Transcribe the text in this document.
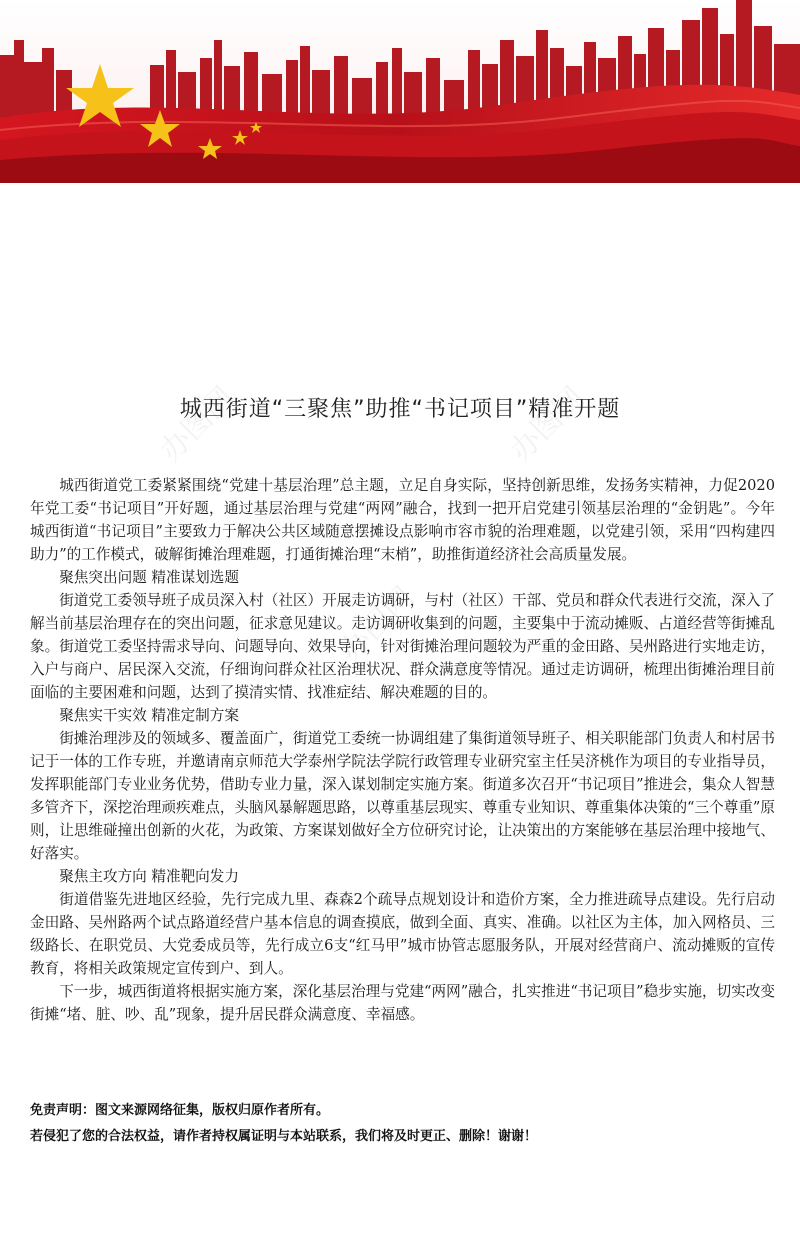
办图网	办图网
办图网
城西街道“三聚焦”助推“书记项目”精准开题

城西街道党工委紧紧围绕“党建十基层治理”总主题，立足自身实际，坚持创新思维，发扬务实精神，力促2020年党工委“书记项目”开好题，通过基层治理与党建“两网”融合，找到一把开启党建引领基层治理的“金钥匙”。今年城西街道“书记项目”主要致力于解决公共区域随意摆摊设点影响市容市貌的治理难题，以党建引领，采用“四构建四助力”的工作模式，破解街摊治理难题，打通街摊治理“末梢”，助推街道经济社会高质量发展。

聚焦突出问题 精准谋划选题

街道党工委领导班子成员深入村（社区）开展走访调研，与村（社区）干部、党员和群众代表进行交流，深入了解当前基层治理存在的突出问题，征求意见建议。走访调研收集到的问题，主要集中于流动摊贩、占道经营等街摊乱象。街道党工委坚持需求导向、问题导向、效果导向，针对街摊治理问题较为严重的金田路、吴州路进行实地走访，入户与商户、居民深入交流，仔细询问群众社区治理状况、群众满意度等情况。通过走访调研，梳理出街摊治理目前面临的主要困难和问题，达到了摸清实情、找准症结、解决难题的目的。

聚焦实干实效 精准定制方案

街摊治理涉及的领域多、覆盖面广，街道党工委统一协调组建了集街道领导班子、相关职能部门负责人和村居书记于一体的工作专班，并邀请南京师范大学泰州学院法学院行政管理专业研究室主任吴济桃作为项目的专业指导员，发挥职能部门专业业务优势，借助专业力量，深入谋划制定实施方案。街道多次召开“书记项目”推进会，集众人智慧多管齐下，深挖治理顽疾难点，头脑风暴解题思路，以尊重基层现实、尊重专业知识、尊重集体决策的“三个尊重”原则，让思维碰撞出创新的火花，为政策、方案谋划做好全方位研究讨论，让决策出的方案能够在基层治理中接地气、好落实。

聚焦主攻方向 精准靶向发力

街道借鉴先进地区经验，先行完成九里、森森2个疏导点规划设计和造价方案，全力推进疏导点建设。先行启动金田路、吴州路两个试点路道经营户基本信息的调查摸底，做到全面、真实、准确。以社区为主体，加入网格员、三级路长、在职党员、大党委成员等，先行成立6支“红马甲”城市协管志愿服务队，开展对经营商户、流动摊贩的宣传教育，将相关政策规定宣传到户、到人。

下一步，城西街道将根据实施方案，深化基层治理与党建“两网”融合，扎实推进“书记项目”稳步实施，切实改变街摊“堵、脏、吵、乱”现象，提升居民群众满意度、幸福感。

免责声明：图文来源网络征集，版权归原作者所有。
若侵犯了您的合法权益，请作者持权属证明与本站联系，我们将及时更正、删除！谢谢！
